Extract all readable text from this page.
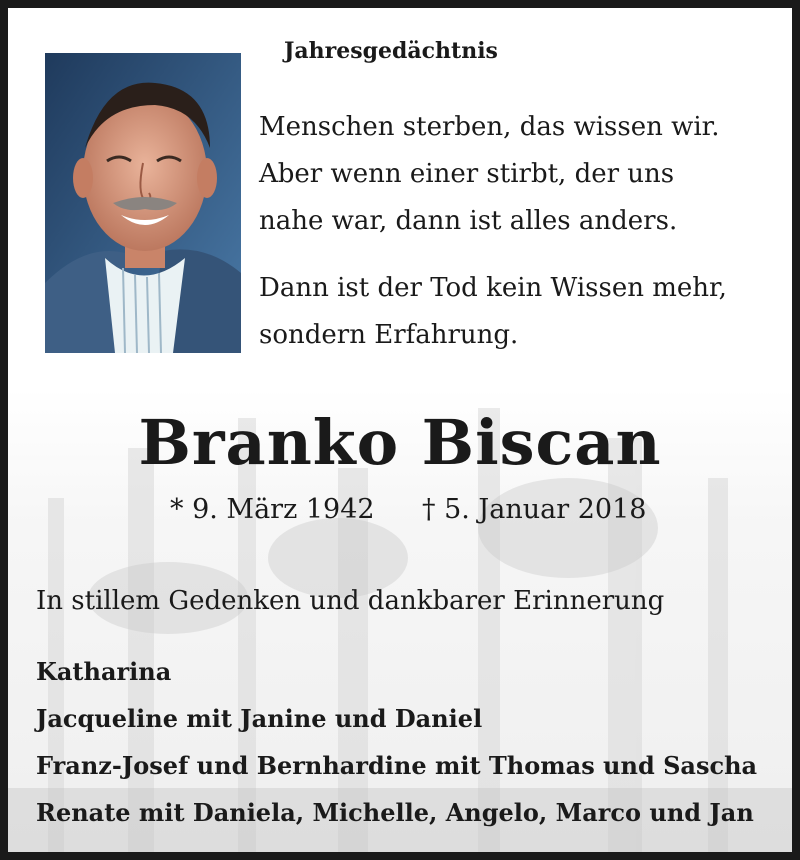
Jahresgedächtnis
Menschen sterben, das wissen wir.
Aber wenn einer stirbt, der uns
nahe war, dann ist alles anders.
Dann ist der Tod kein Wissen mehr,
sondern Erfahrung.
Branko Biscan
* 9. März 1942 † 5. Januar 2018
In stillem Gedenken und dankbarer Erinnerung
Katharina
Jacqueline mit Janine und Daniel
Franz-Josef und Bernhardine mit Thomas und Sascha
Renate mit Daniela, Michelle, Angelo, Marco und Jan
